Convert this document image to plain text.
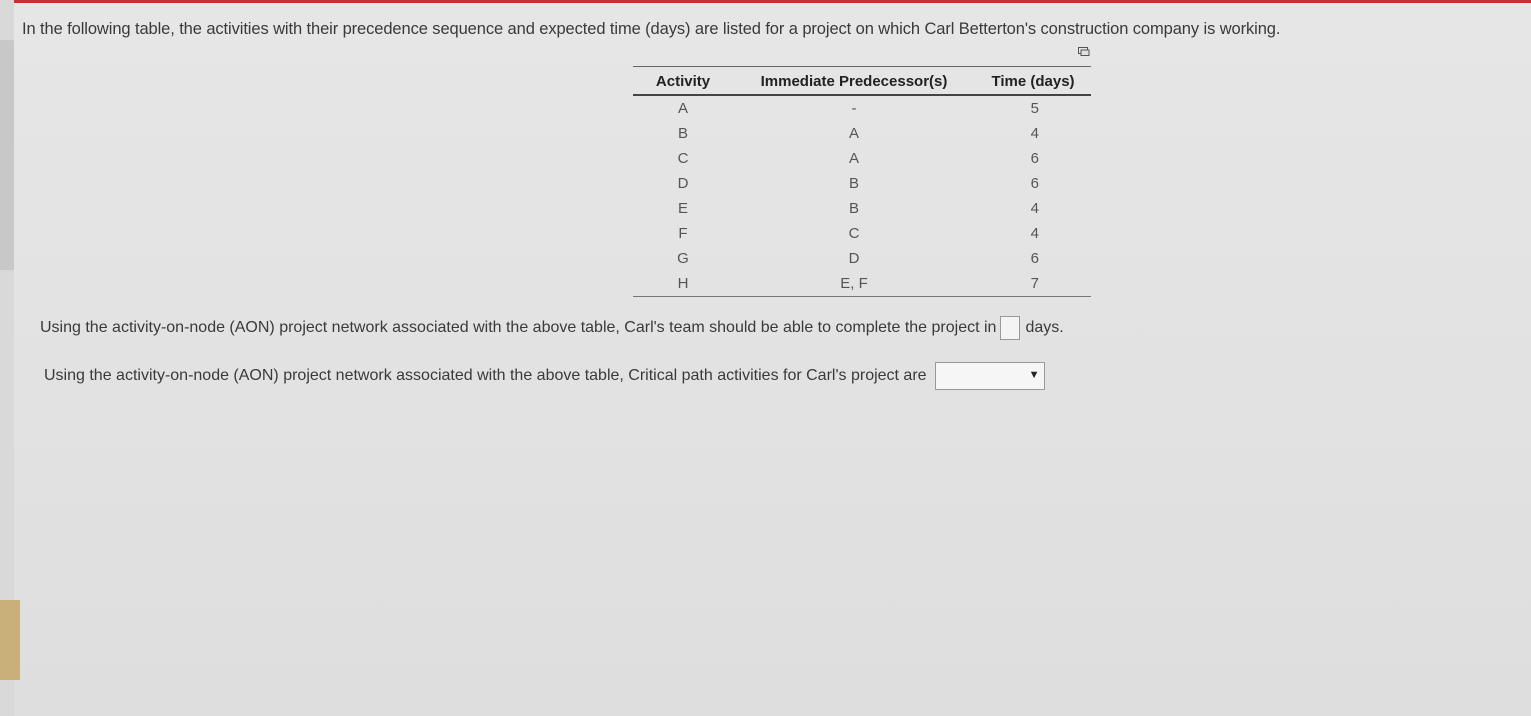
In the following table, the activities with their precedence sequence and expected time (days) are listed for a project on which Carl Betterton's construction company is working.
Activity	Immediate Predecessor(s)	Time (days)
A	-	5
B	A	4
C	A	6
D	B	6
E	B	4
F	C	4
G	D	6
H	E, F	7
Using the activity-on-node (AON) project network associated with the above table, Carl's team should be able to complete the project in days.
Using the activity-on-node (AON) project network associated with the above table, Critical path activities for Carl's project are	▼
